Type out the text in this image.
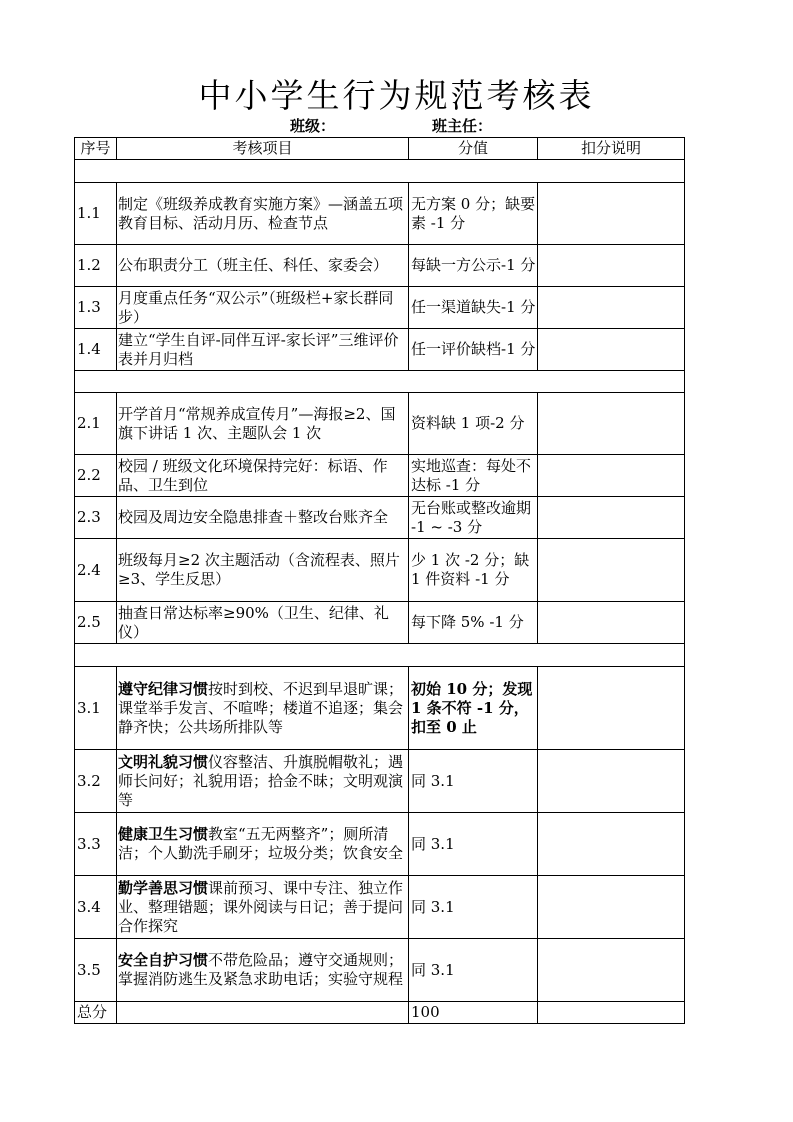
中小学生行为规范考核表
班级：	班主任：
序号	考核项目	分值	扣分说明

1.1	制定《班级养成教育实施方案》—涵盖五项教育目标、活动月历、检查节点	无方案 0 分；缺要素 -1 分	
1.2	公布职责分工（班主任、科任、家委会）	每缺一方公示-1 分	
1.3	月度重点任务“双公示”（班级栏+家长群同步）	任一渠道缺失-1 分	
1.4	建立“学生自评-同伴互评-家长评”三维评价表并月归档	任一评价缺档-1 分	

2.1	开学首月“常规养成宣传月”—海报≥2、国旗下讲话 1 次、主题队会 1 次	资料缺 1 项-2 分	
2.2	校园 / 班级文化环境保持完好：标语、作品、卫生到位	实地巡查：每处不达标 -1 分	
2.3	校园及周边安全隐患排查＋整改台账齐全	无台账或整改逾期 -1 ~ -3 分	
2.4	班级每月≥2 次主题活动（含流程表、照片≥3、学生反思）	少 1 次 -2 分；缺 1 件资料 -1 分	
2.5	抽查日常达标率≥90%（卫生、纪律、礼仪）	每下降 5% -1 分	

3.1	遵守纪律习惯按时到校、不迟到早退旷课；课堂举手发言、不喧哗；楼道不追逐；集会静齐快；公共场所排队等	初始 10 分；发现 1 条不符 -1 分，扣至 0 止	
3.2	文明礼貌习惯仪容整洁、升旗脱帽敬礼；遇师长问好；礼貌用语；拾金不昧；文明观演等	同 3.1	
3.3	健康卫生习惯教室“五无两整齐”；厕所清洁；个人勤洗手刷牙；垃圾分类；饮食安全	同 3.1	
3.4	勤学善思习惯课前预习、课中专注、独立作业、整理错题；课外阅读与日记；善于提问合作探究	同 3.1	
3.5	安全自护习惯不带危险品；遵守交通规则；掌握消防逃生及紧急求助电话；实验守规程	同 3.1	
总分		100	
